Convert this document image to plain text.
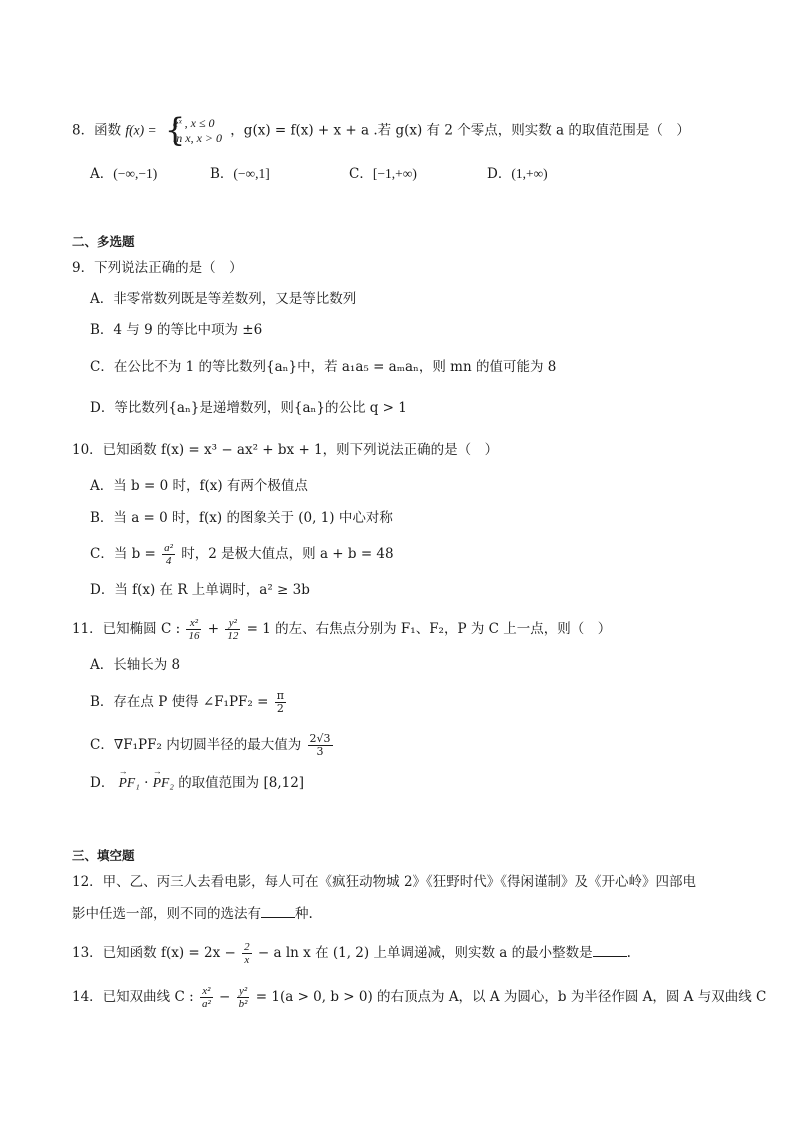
8．函数 f(x) = {
eˣ , x ≤ 0
ln x, x > 0 ，g(x) = f(x) + x + a .若 g(x) 有 2 个零点，则实数 a 的取值范围是（　）
A．(−∞,−1)	B．(−∞,1]	C．[−1,+∞)	D．(1,+∞)
二、多选题
9．下列说法正确的是（　）
A．非零常数列既是等差数列，又是等比数列
B．4 与 9 的等比中项为 ±6
C．在公比不为 1 的等比数列{aₙ}中，若 a₁a₅ = aₘaₙ，则 mn 的值可能为 8
D．等比数列{aₙ}是递增数列，则{aₙ}的公比 q > 1
10．已知函数 f(x) = x³ − ax² + bx + 1，则下列说法正确的是（　）
A．当 b = 0 时，f(x) 有两个极值点
B．当 a = 0 时，f(x) 的图象关于 (0, 1) 中心对称
C．当 $b = \frac{\text{a²}}{4}$ 时，2 是极大值点，则 a + b = 48
D．当 f(x) 在 R 上单调时，a² ≥ 3b
11．已知椭圆 C : $\frac{\text{x²}}{16} + \frac{\text{y²}}{12} = 1$ 的左、右焦点分别为 F₁、F₂，P 为 C 上一点，则（　）
A．长轴长为 8
B．存在点 P 使得 ∠F₁PF₂ = $\frac{\pi}{2}$
C．∇F₁PF₂ 内切圆半径的最大值为 $\frac{2√3}{3}$
D． → PF₁ · → PF₂ 的取值范围为 [8,12]
三、填空题
12．甲、乙、丙三人去看电影，每人可在《疯狂动物城 2》《狂野时代》《得闲谨制》及《开心岭》四部电
影中任选一部，则不同的选法有	种.
13．已知函数 $f(x) = 2x - \frac{2}{x} - a$ ln x 在 (1, 2) 上单调递减，则实数 a 的最小整数是	.
14．已知双曲线 C : $\frac{\text{x²}}{\text{a²}} - \frac{\text{y²}}{\text{b²}} = 1(a > 0$, b > 0) 的右顶点为 A，以 A 为圆心，b 为半径作圆 A，圆 A 与双曲线 C
